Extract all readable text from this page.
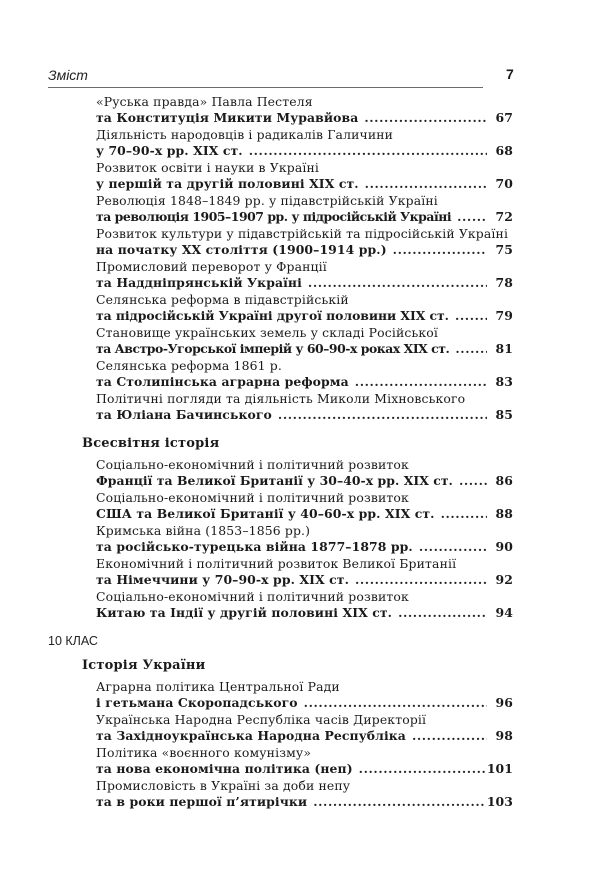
Зміст	7
«Руська правда» Павла Пестеля
та Конституція Микити Муравйова .....	67
Діяльність народовців і радикалів Галичини
у 70–90-х рр. XIX ст. .....	68
Розвиток освіти і науки в Україні
у першій та другій половині XIX ст. .....	70
Революція 1848–1849 рр. у підавстрійській Україні
та революція 1905–1907 рр. у підросійській Україні .....	72
Розвиток культури у підавстрійській та підросійській Україні
на початку XX століття (1900–1914 рр.) .....	75
Промисловий переворот у Франції
та Наддніпрянській Україні .....	78
Селянська реформа в підавстрійській
та підросійській Україні другої половини XIX ст. .....	79
Становище українських земель у складі Російської
та Австро-Угорської імперій у 60–90-х роках XIX ст. .....	81
Селянська реформа 1861 р.
та Столипінська аграрна реформа .....	83
Політичні погляди та діяльність Миколи Міхновського
та Юліана Бачинського .....	85
Всесвітня історія
Соціально-економічний і політичний розвиток
Франції та Великої Британії у 30–40-х рр. XIX ст. .....	86
Соціально-економічний і політичний розвиток
США та Великої Британії у 40–60-х рр. XIX ст. .....	88
Кримська війна (1853–1856 рр.)
та російсько-турецька війна 1877–1878 рр. .....	90
Економічний і політичний розвиток Великої Британії
та Німеччини у 70–90-х рр. XIX ст. .....	92
Соціально-економічний і політичний розвиток
Китаю та Індії у другій половині XIX ст. .....	94
10 КЛАС
Історія України
Аграрна політика Центральної Ради
і гетьмана Скоропадського .....	96
Українська Народна Республіка часів Директорії
та Західноукраїнська Народна Республіка .....	98
Політика «воєнного комунізму»
та нова економічна політика (неп) .....	101
Промисловість в Україні за доби непу
та в роки першої п’ятирічки .....	103
